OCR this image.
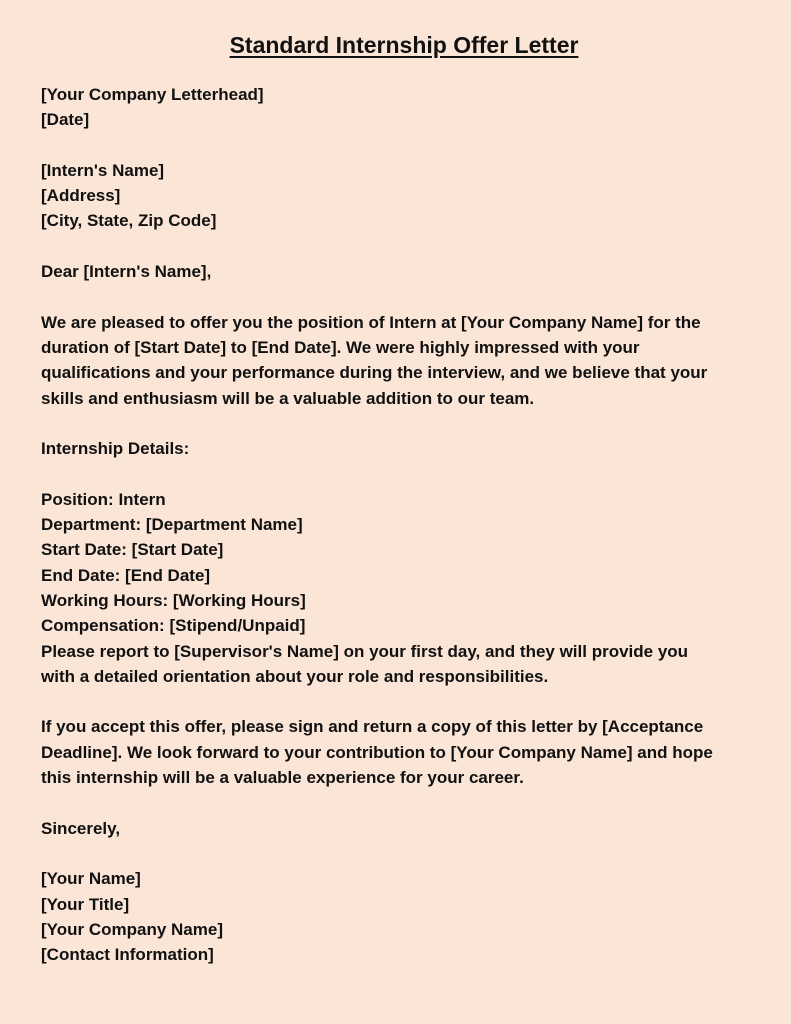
Standard Internship Offer Letter
[Your Company Letterhead]
[Date]
[Intern's Name]
[Address]
[City, State, Zip Code]
Dear [Intern's Name],
We are pleased to offer you the position of Intern at [Your Company Name] for the
duration of [Start Date] to [End Date]. We were highly impressed with your
qualifications and your performance during the interview, and we believe that your
skills and enthusiasm will be a valuable addition to our team.
Internship Details:
Position: Intern
Department: [Department Name]
Start Date: [Start Date]
End Date: [End Date]
Working Hours: [Working Hours]
Compensation: [Stipend/Unpaid]
Please report to [Supervisor's Name] on your first day, and they will provide you
with a detailed orientation about your role and responsibilities.
If you accept this offer, please sign and return a copy of this letter by [Acceptance
Deadline]. We look forward to your contribution to [Your Company Name] and hope
this internship will be a valuable experience for your career.
Sincerely,
[Your Name]
[Your Title]
[Your Company Name]
[Contact Information]
